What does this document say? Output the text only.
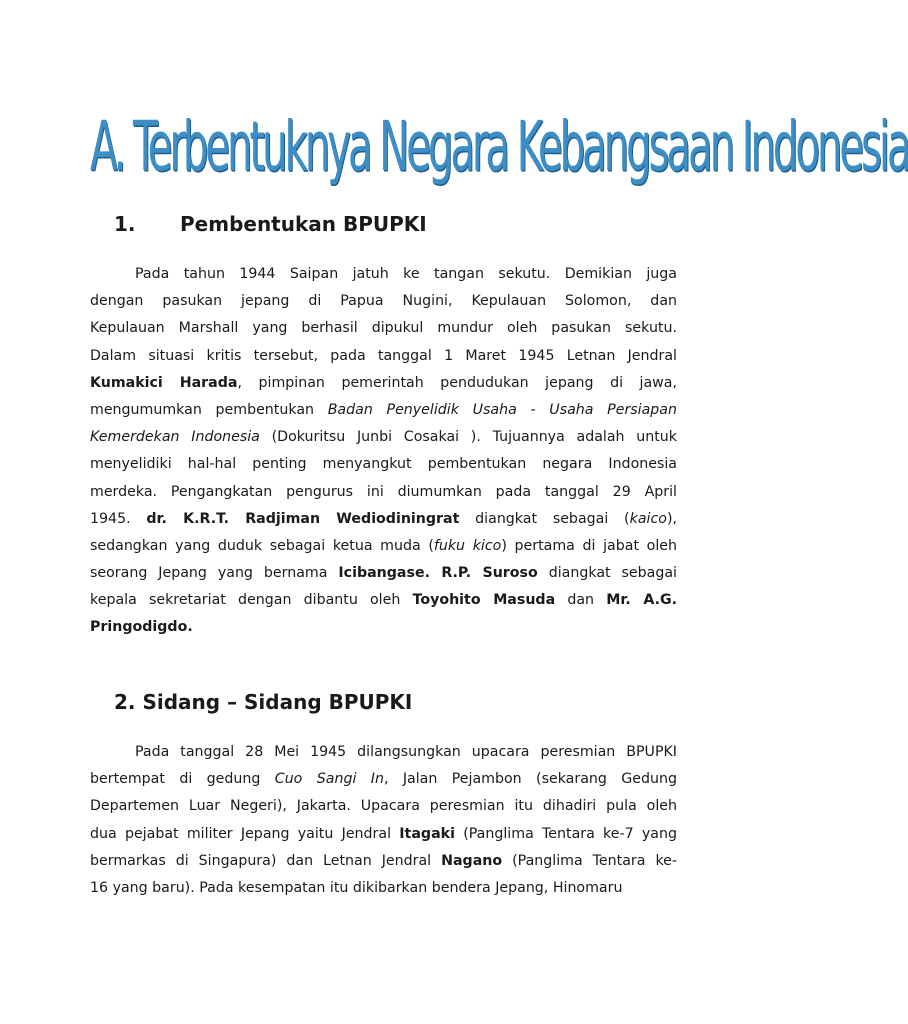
A. Terbentuknya Negara Kebangsaan Indonesia
1. Pembentukan BPUPKI
Pada tahun 1944 Saipan jatuh ke tangan sekutu. Demikian juga
dengan pasukan jepang di Papua Nugini, Kepulauan Solomon, dan
Kepulauan Marshall yang berhasil dipukul mundur oleh pasukan sekutu.
Dalam situasi kritis tersebut, pada tanggal 1 Maret 1945 Letnan Jendral
Kumakici Harada, pimpinan pemerintah pendudukan jepang di jawa,
mengumumkan pembentukan Badan Penyelidik Usaha - Usaha Persiapan
Kemerdekan Indonesia (Dokuritsu Junbi Cosakai ). Tujuannya adalah untuk
menyelidiki hal-hal penting menyangkut pembentukan negara Indonesia
merdeka. Pengangkatan pengurus ini diumumkan pada tanggal 29 April
1945. dr. K.R.T. Radjiman Wediodiningrat diangkat sebagai (kaico),
sedangkan yang duduk sebagai ketua muda (fuku kico) pertama di jabat oleh
seorang Jepang yang bernama Icibangase. R.P. Suroso diangkat sebagai
kepala sekretariat dengan dibantu oleh Toyohito Masuda dan Mr. A.G.
Pringodigdo.
2. Sidang – Sidang BPUPKI
Pada tanggal 28 Mei 1945 dilangsungkan upacara peresmian BPUPKI
bertempat di gedung Cuo Sangi In, Jalan Pejambon (sekarang Gedung
Departemen Luar Negeri), Jakarta. Upacara peresmian itu dihadiri pula oleh
dua pejabat militer Jepang yaitu Jendral Itagaki (Panglima Tentara ke-7 yang
bermarkas di Singapura) dan Letnan Jendral Nagano (Panglima Tentara ke-
16 yang baru). Pada kesempatan itu dikibarkan bendera Jepang, Hinomaru
